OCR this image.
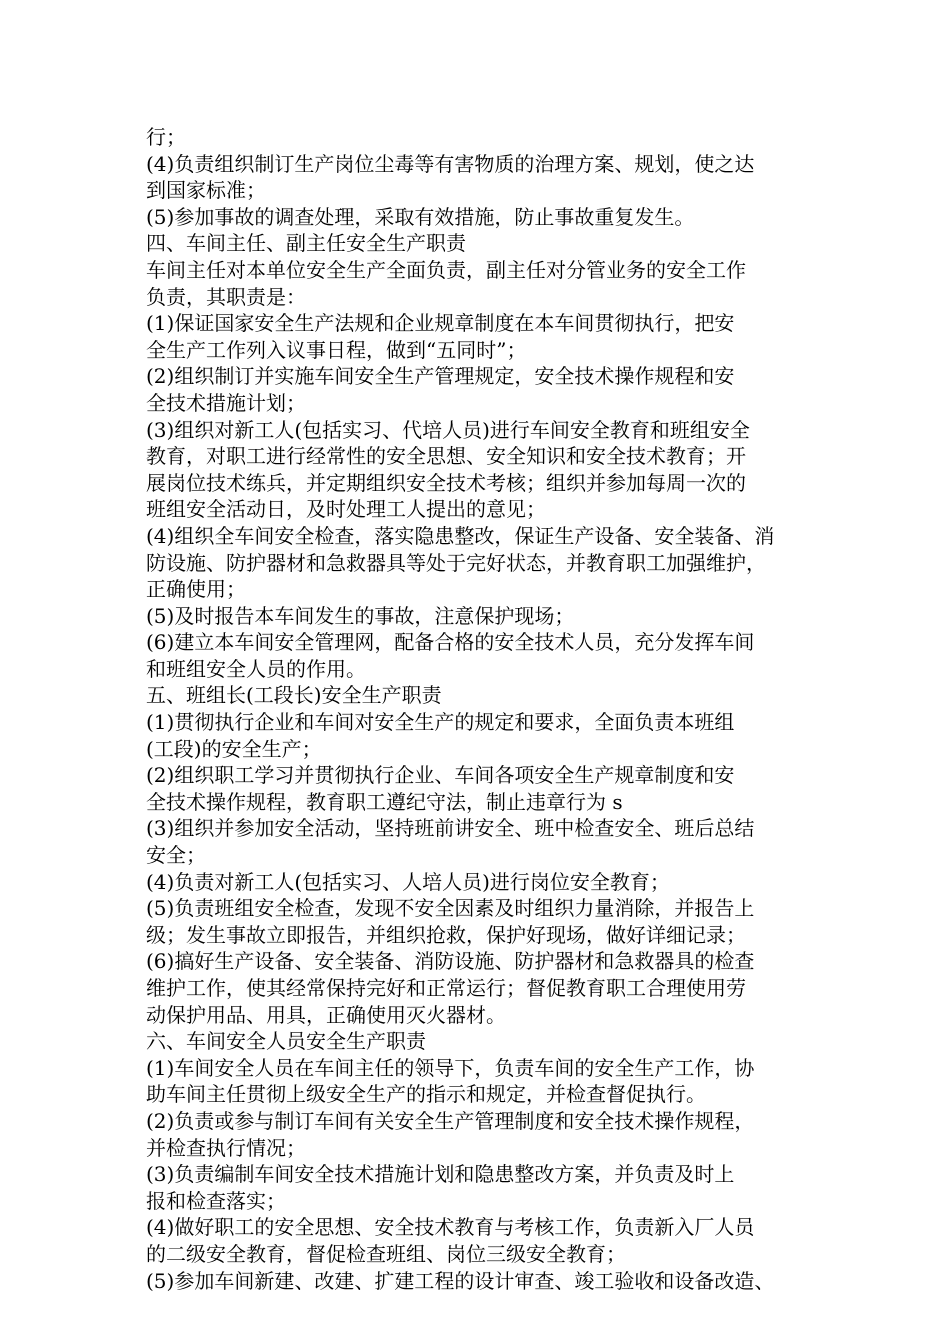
行；
(4)负责组织制订生产岗位尘毒等有害物质的治理方案、规划，使之达
到国家标准；
(5)参加事故的调查处理，采取有效措施，防止事故重复发生。
四、车间主任、副主任安全生产职责
车间主任对本单位安全生产全面负责，副主任对分管业务的安全工作
负责，其职责是：
(1)保证国家安全生产法规和企业规章制度在本车间贯彻执行，把安
全生产工作列入议事日程，做到“五同时”；
(2)组织制订并实施车间安全生产管理规定，安全技术操作规程和安
全技术措施计划；
(3)组织对新工人(包括实习、代培人员)进行车间安全教育和班组安全
教育，对职工进行经常性的安全思想、安全知识和安全技术教育；开
展岗位技术练兵，并定期组织安全技术考核；组织并参加每周一次的
班组安全活动日，及时处理工人提出的意见；
(4)组织全车间安全检查，落实隐患整改，保证生产设备、安全装备、消
防设施、防护器材和急救器具等处于完好状态，并教育职工加强维护，
正确使用；
(5)及时报告本车间发生的事故，注意保护现场；
(6)建立本车间安全管理网，配备合格的安全技术人员，充分发挥车间
和班组安全人员的作用。
五、班组长(工段长)安全生产职责
(1)贯彻执行企业和车间对安全生产的规定和要求，全面负责本班组
(工段)的安全生产；
(2)组织职工学习并贯彻执行企业、车间各项安全生产规章制度和安
全技术操作规程，教育职工遵纪守法，制止违章行为 s
(3)组织并参加安全活动，坚持班前讲安全、班中检查安全、班后总结
安全；
(4)负责对新工人(包括实习、人培人员)进行岗位安全教育；
(5)负责班组安全检查，发现不安全因素及时组织力量消除，并报告上
级；发生事故立即报告，并组织抢救，保护好现场，做好详细记录；
(6)搞好生产设备、安全装备、消防设施、防护器材和急救器具的检查
维护工作，使其经常保持完好和正常运行；督促教育职工合理使用劳
动保护用品、用具，正确使用灭火器材。
六、车间安全人员安全生产职责
(1)车间安全人员在车间主任的领导下，负责车间的安全生产工作，协
助车间主任贯彻上级安全生产的指示和规定，并检查督促执行。
(2)负责或参与制订车间有关安全生产管理制度和安全技术操作规程，
并检查执行情况；
(3)负责编制车间安全技术措施计划和隐患整改方案，并负责及时上
报和检查落实；
(4)做好职工的安全思想、安全技术教育与考核工作，负责新入厂人员
的二级安全教育，督促检查班组、岗位三级安全教育；
(5)参加车间新建、改建、扩建工程的设计审查、竣工验收和设备改造、
